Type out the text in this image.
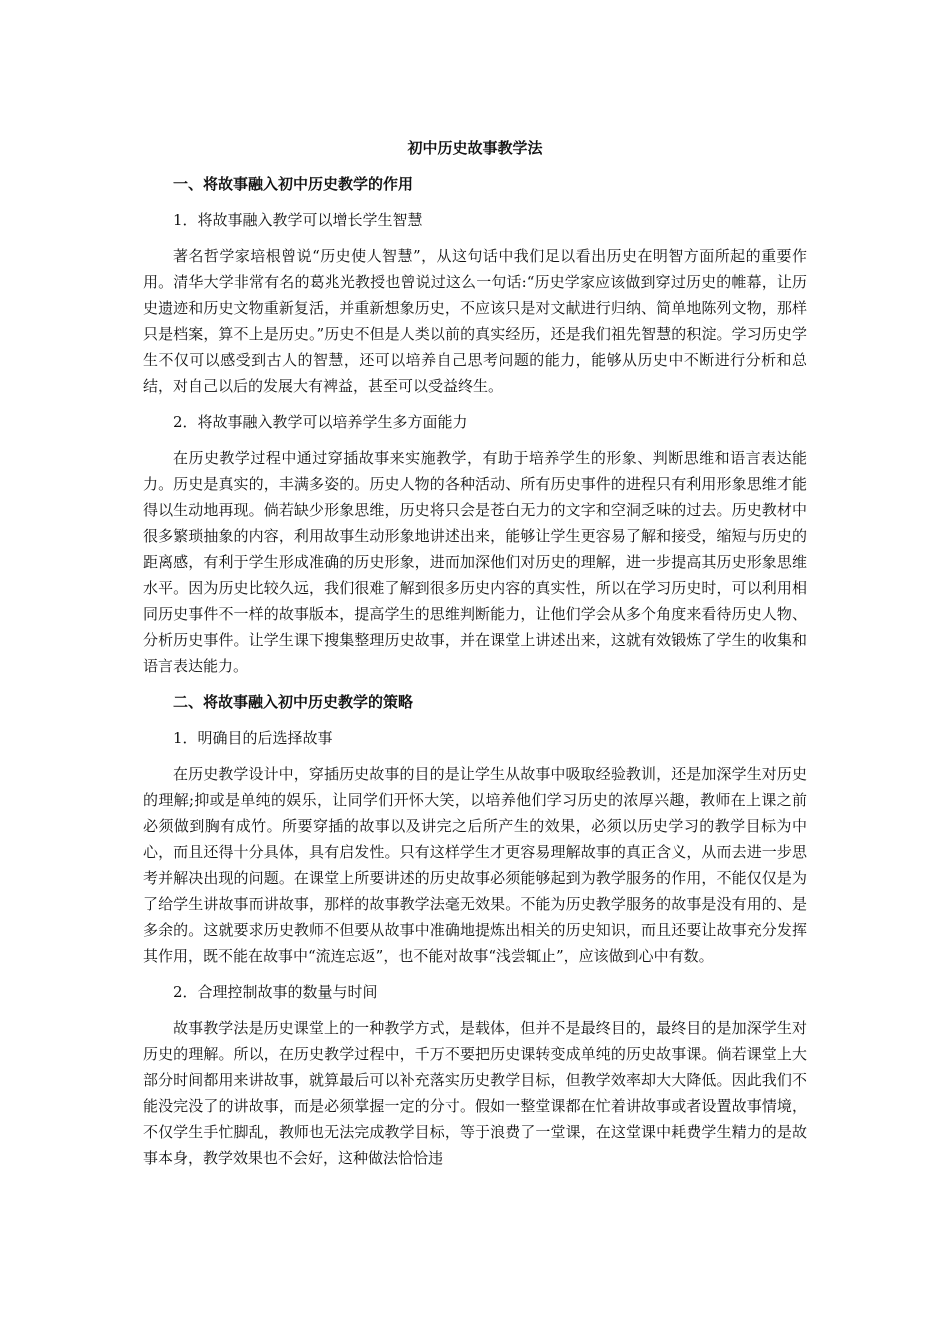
初中历史故事教学法
一、将故事融入初中历史教学的作用
1．将故事融入教学可以增长学生智慧
著名哲学家培根曾说“历史使人智慧”，从这句话中我们足以看出历史在明智方面所起的重要作用。清华大学非常有名的葛兆光教授也曾说过这么一句话:“历史学家应该做到穿过历史的帷幕，让历史遗迹和历史文物重新复活，并重新想象历史，不应该只是对文献进行归纳、简单地陈列文物，那样只是档案，算不上是历史。”历史不但是人类以前的真实经历，还是我们祖先智慧的积淀。学习历史学生不仅可以感受到古人的智慧，还可以培养自己思考问题的能力，能够从历史中不断进行分析和总结，对自己以后的发展大有裨益，甚至可以受益终生。
2．将故事融入教学可以培养学生多方面能力
在历史教学过程中通过穿插故事来实施教学，有助于培养学生的形象、判断思维和语言表达能力。历史是真实的，丰满多姿的。历史人物的各种活动、所有历史事件的进程只有利用形象思维才能得以生动地再现。倘若缺少形象思维，历史将只会是苍白无力的文字和空洞乏味的过去。历史教材中很多繁琐抽象的内容，利用故事生动形象地讲述出来，能够让学生更容易了解和接受，缩短与历史的距离感，有利于学生形成准确的历史形象，进而加深他们对历史的理解，进一步提高其历史形象思维水平。因为历史比较久远，我们很难了解到很多历史内容的真实性，所以在学习历史时，可以利用相同历史事件不一样的故事版本，提高学生的思维判断能力，让他们学会从多个角度来看待历史人物、分析历史事件。让学生课下搜集整理历史故事，并在课堂上讲述出来，这就有效锻炼了学生的收集和语言表达能力。
二、将故事融入初中历史教学的策略
1．明确目的后选择故事
在历史教学设计中，穿插历史故事的目的是让学生从故事中吸取经验教训，还是加深学生对历史的理解;抑或是单纯的娱乐，让同学们开怀大笑，以培养他们学习历史的浓厚兴趣，教师在上课之前必须做到胸有成竹。所要穿插的故事以及讲完之后所产生的效果，必须以历史学习的教学目标为中心，而且还得十分具体，具有启发性。只有这样学生才更容易理解故事的真正含义，从而去进一步思考并解决出现的问题。在课堂上所要讲述的历史故事必须能够起到为教学服务的作用，不能仅仅是为了给学生讲故事而讲故事，那样的故事教学法毫无效果。不能为历史教学服务的故事是没有用的、是多余的。这就要求历史教师不但要从故事中准确地提炼出相关的历史知识，而且还要让故事充分发挥其作用，既不能在故事中“流连忘返”，也不能对故事“浅尝辄止”，应该做到心中有数。
2．合理控制故事的数量与时间
故事教学法是历史课堂上的一种教学方式，是载体，但并不是最终目的，最终目的是加深学生对历史的理解。所以，在历史教学过程中，千万不要把历史课转变成单纯的历史故事课。倘若课堂上大部分时间都用来讲故事，就算最后可以补充落实历史教学目标，但教学效率却大大降低。因此我们不能没完没了的讲故事，而是必须掌握一定的分寸。假如一整堂课都在忙着讲故事或者设置故事情境，不仅学生手忙脚乱，教师也无法完成教学目标，等于浪费了一堂课，在这堂课中耗费学生精力的是故事本身，教学效果也不会好，这种做法恰恰违
